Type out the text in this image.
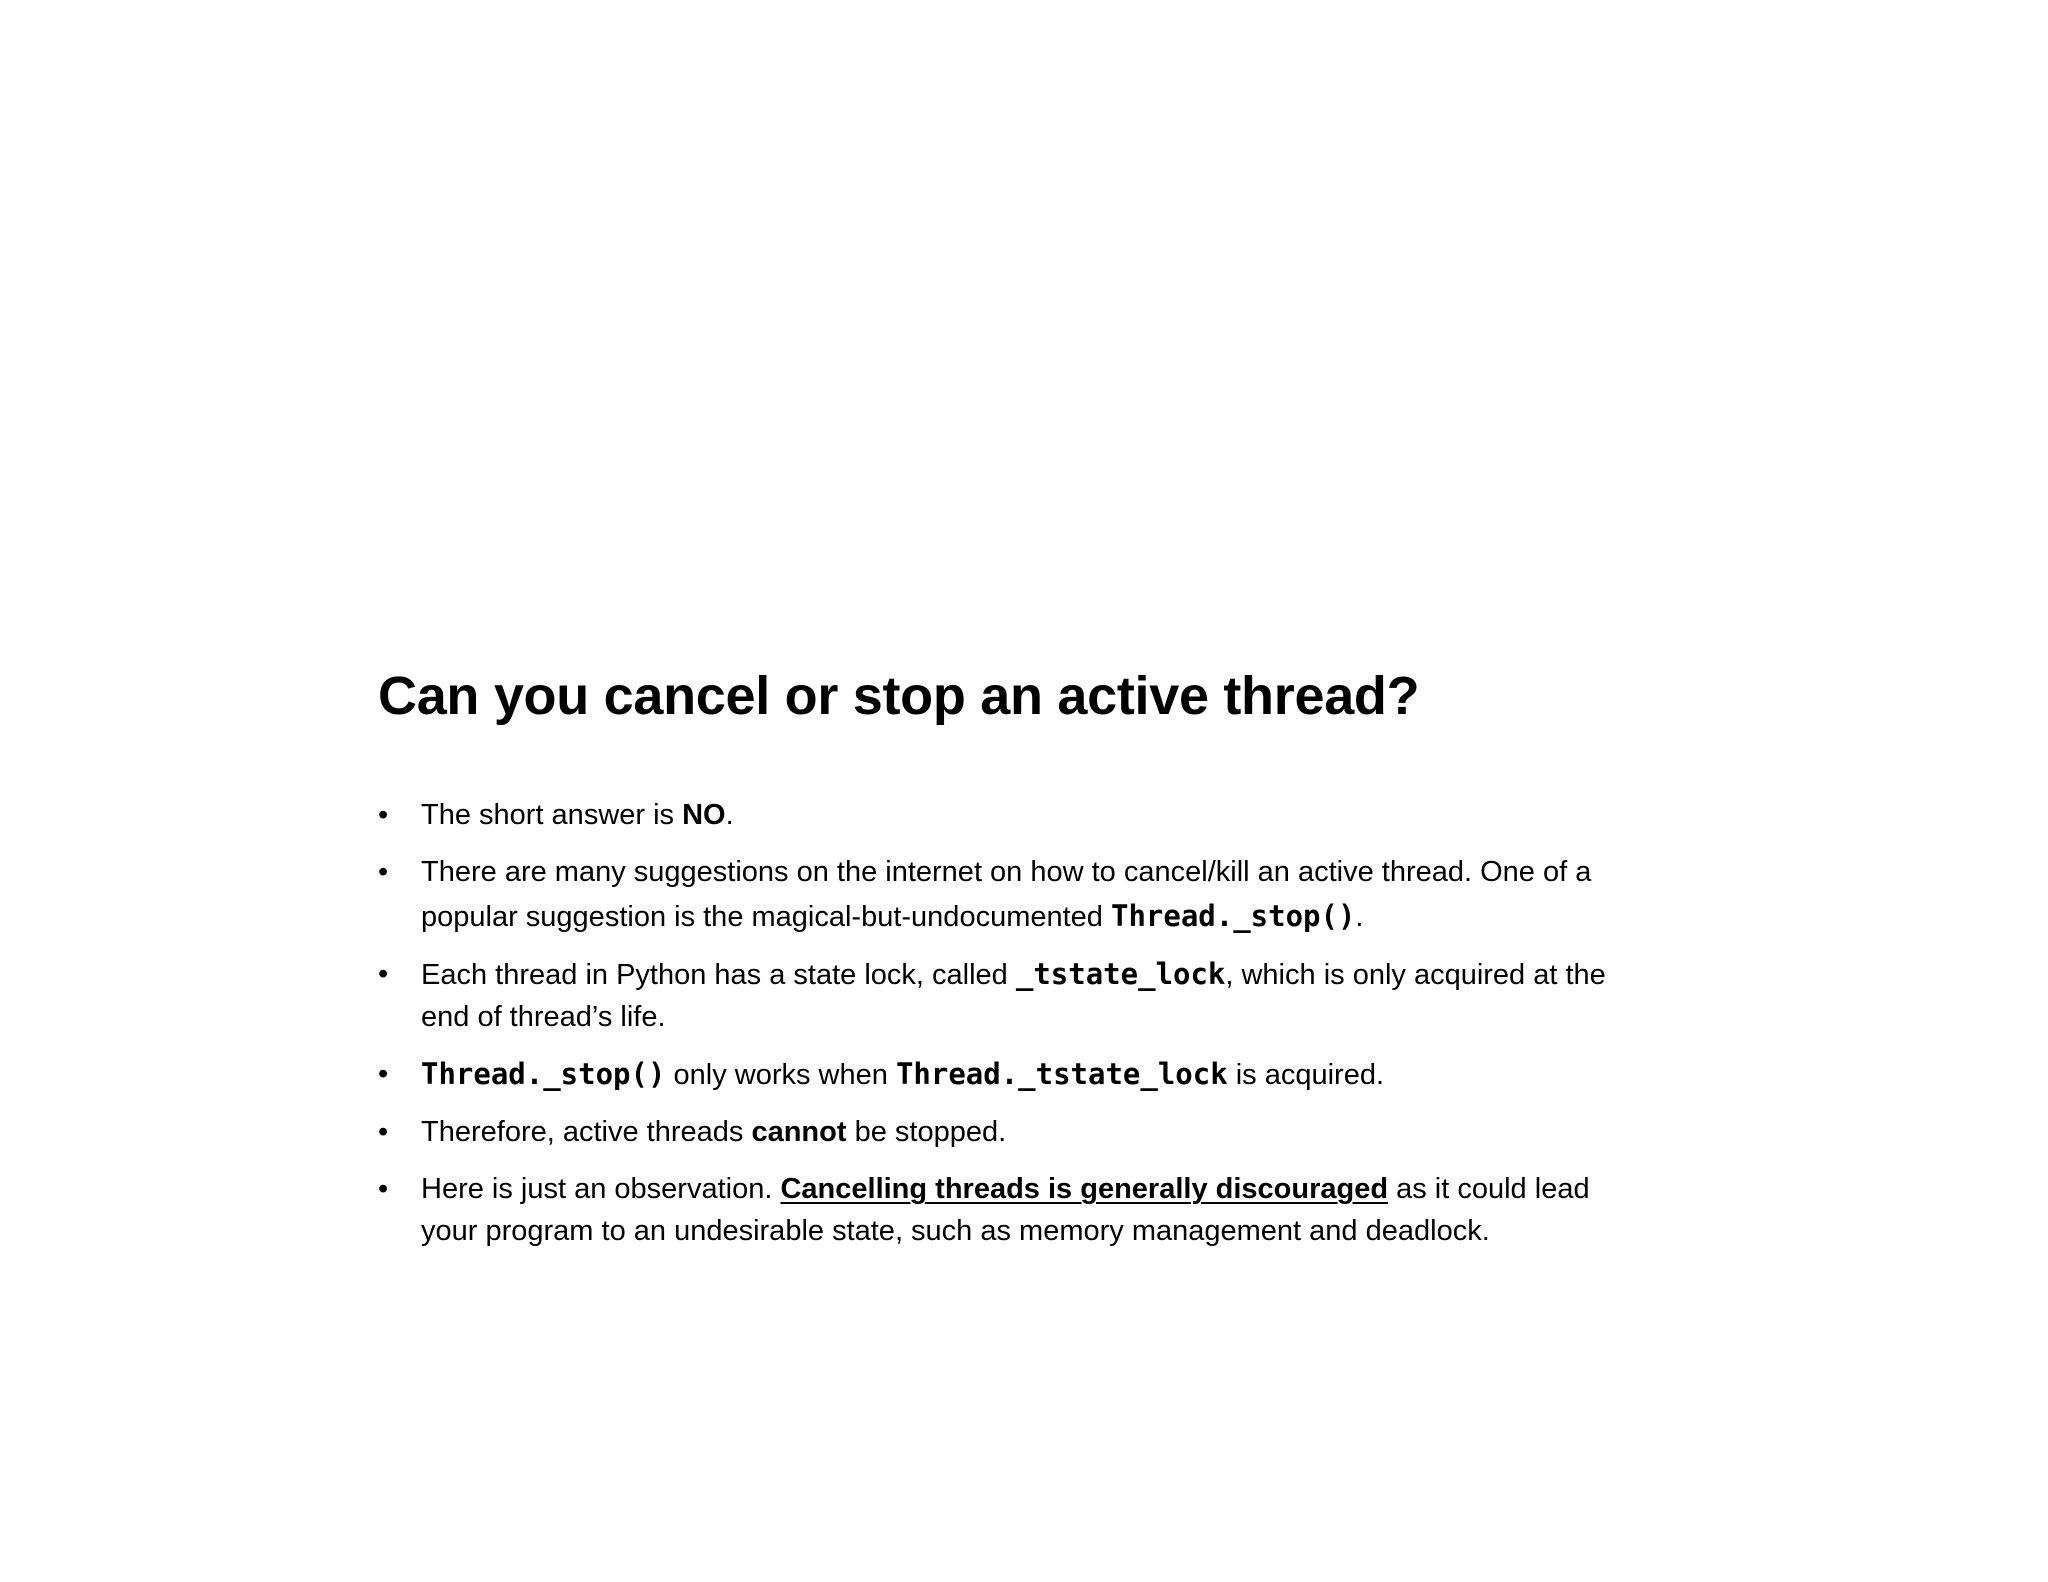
Can you cancel or stop an active thread?
•	The short answer is NO.
•	There are many suggestions on the internet on how to cancel/kill an active thread. One of a
popular suggestion is the magical-but-undocumented Thread._stop().
•	Each thread in Python has a state lock, called _tstate_lock, which is only acquired at the
end of thread’s life.
•	Thread._stop() only works when Thread._tstate_lock is acquired.
•	Therefore, active threads cannot be stopped.
•	Here is just an observation. Cancelling threads is generally discouraged as it could lead
your program to an undesirable state, such as memory management and deadlock.
